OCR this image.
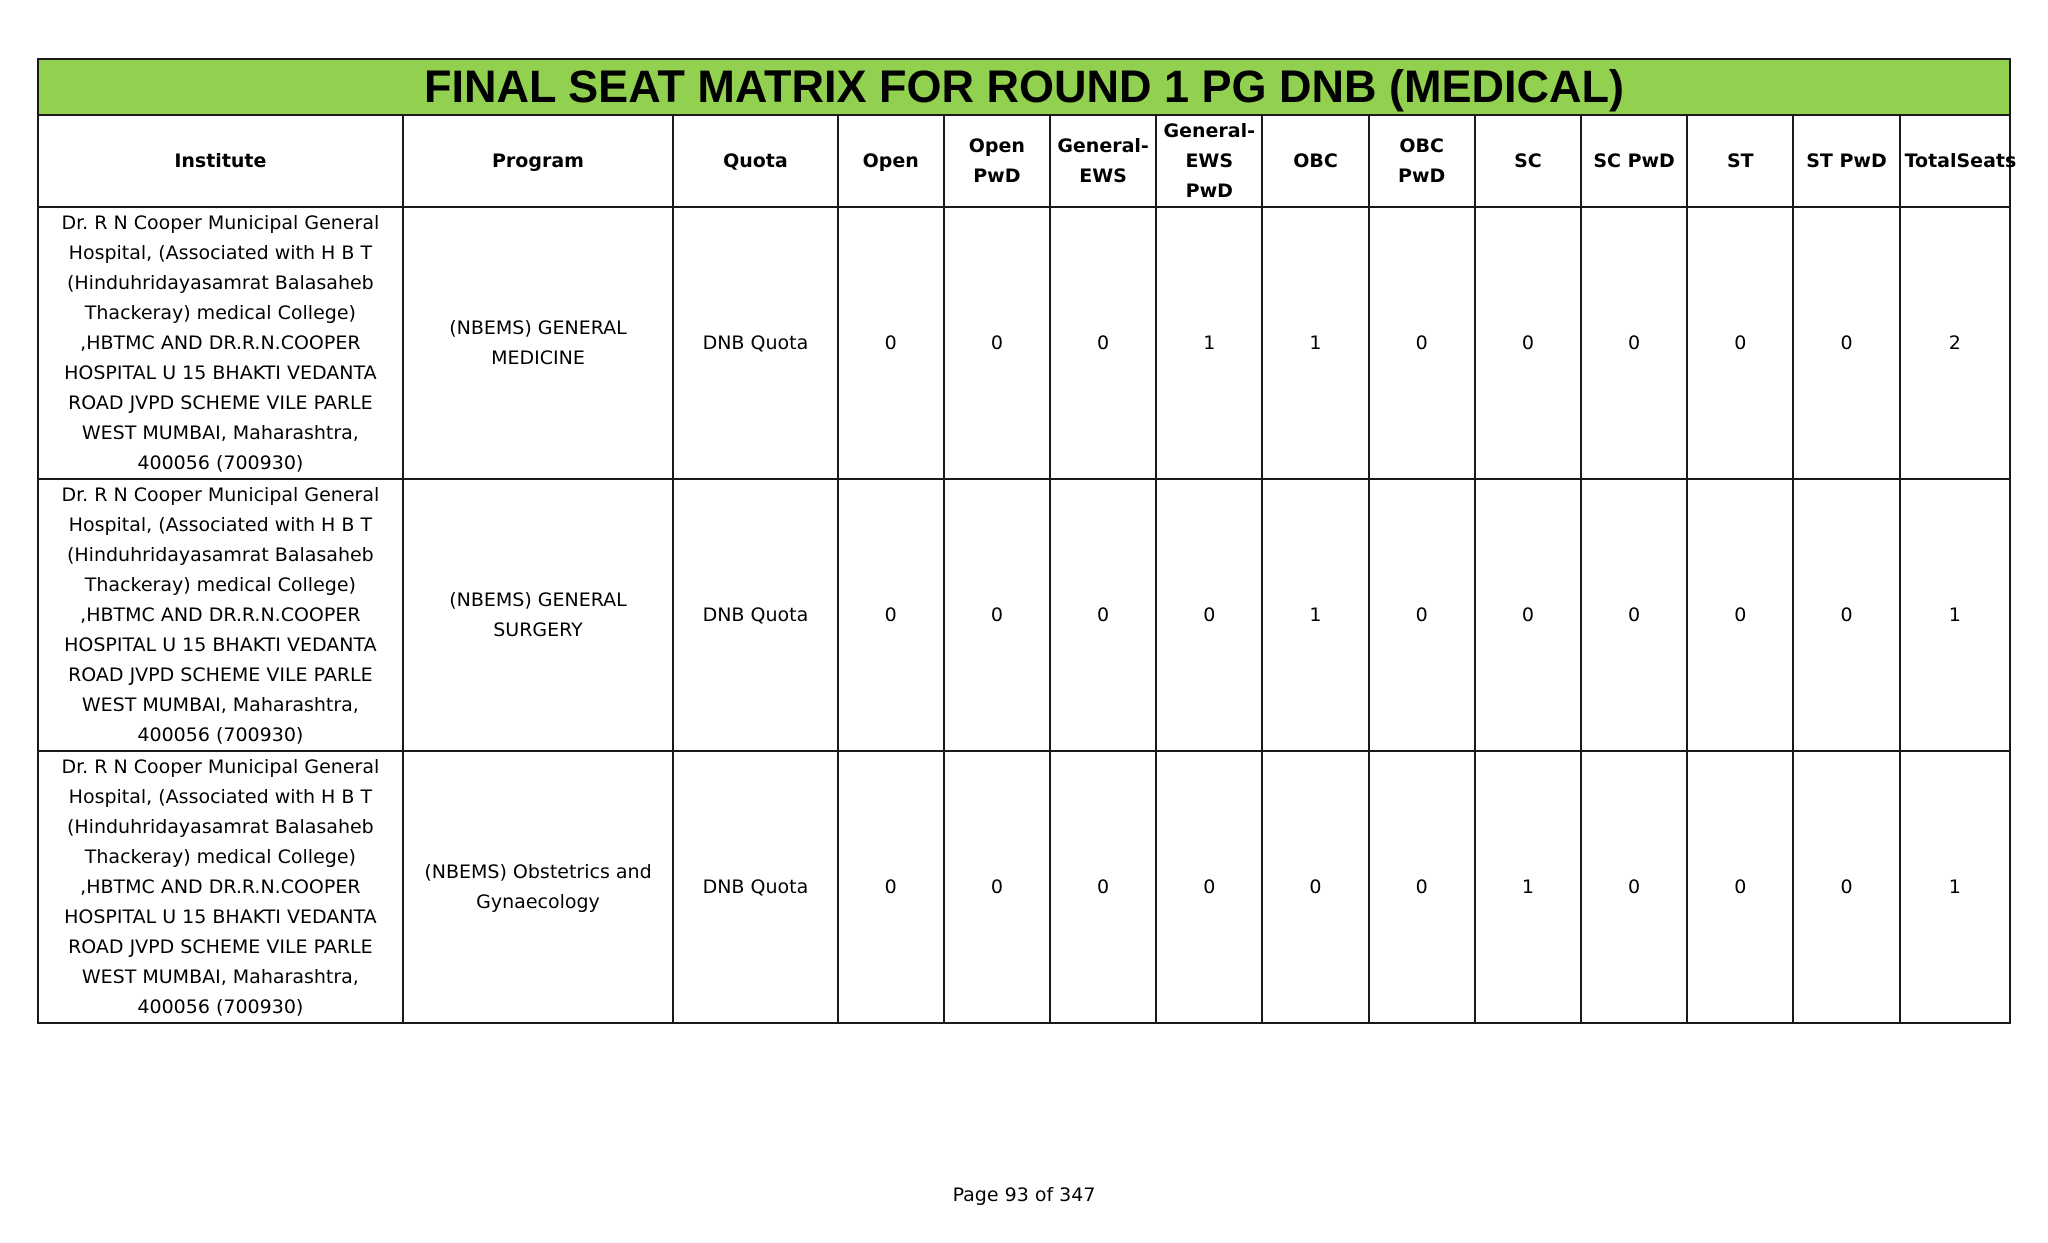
FINAL SEAT MATRIX FOR ROUND 1 PG DNB (MEDICAL)													
Institute	Program	Quota	Open	Open PwD	General-EWS	General-EWS PwD	OBC	OBC PwD	SC	SC PwD	ST	ST PwD	TotalSeats
Dr. R N Cooper Municipal General Hospital, (Associated with H B T (Hinduhridayasamrat Balasaheb Thackeray) medical College) ,HBTMC AND DR.R.N.COOPER HOSPITAL U 15 BHAKTI VEDANTA ROAD JVPD SCHEME VILE PARLE WEST MUMBAI, Maharashtra, 400056 (700930)	(NBEMS) GENERAL MEDICINE	DNB Quota	0	0	0	1	1	0	0	0	0	0	2
Dr. R N Cooper Municipal General Hospital, (Associated with H B T (Hinduhridayasamrat Balasaheb Thackeray) medical College) ,HBTMC AND DR.R.N.COOPER HOSPITAL U 15 BHAKTI VEDANTA ROAD JVPD SCHEME VILE PARLE WEST MUMBAI, Maharashtra, 400056 (700930)	(NBEMS) GENERAL SURGERY	DNB Quota	0	0	0	0	1	0	0	0	0	0	1
Dr. R N Cooper Municipal General Hospital, (Associated with H B T (Hinduhridayasamrat Balasaheb Thackeray) medical College) ,HBTMC AND DR.R.N.COOPER HOSPITAL U 15 BHAKTI VEDANTA ROAD JVPD SCHEME VILE PARLE WEST MUMBAI, Maharashtra, 400056 (700930)	(NBEMS) Obstetrics and Gynaecology	DNB Quota	0	0	0	0	0	0	1	0	0	0	1
Page 93 of 347
